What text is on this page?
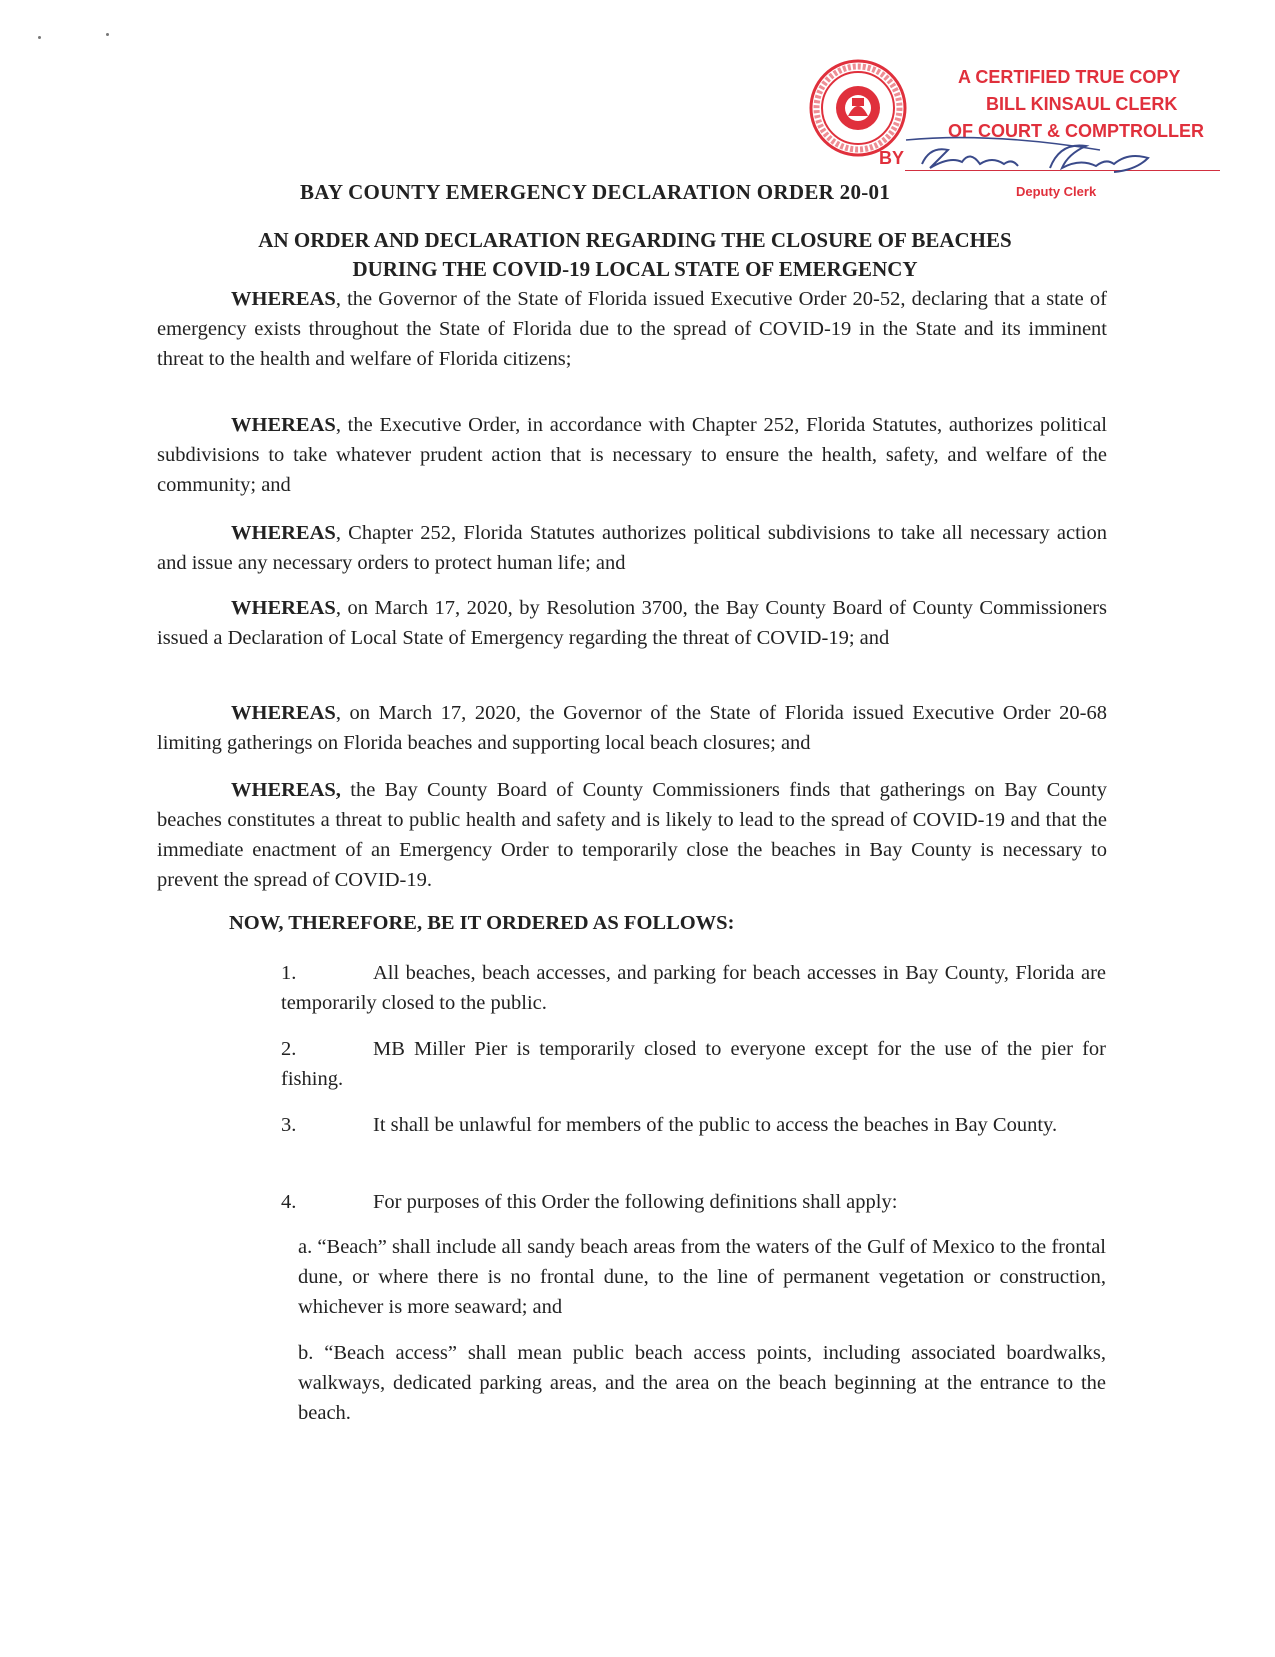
A CERTIFIED TRUE COPY
BILL KINSAUL CLERK
OF COURT & COMPTROLLER
BY
Deputy Clerk
BAY COUNTY EMERGENCY DECLARATION ORDER 20-01
AN ORDER AND DECLARATION REGARDING THE CLOSURE OF BEACHES
DURING THE COVID-19 LOCAL STATE OF EMERGENCY

WHEREAS, the Governor of the State of Florida issued Executive Order 20-52, declaring that a state of emergency exists throughout the State of Florida due to the spread of COVID-19 in the State and its imminent threat to the health and welfare of Florida citizens;

WHEREAS, the Executive Order, in accordance with Chapter 252, Florida Statutes, authorizes political subdivisions to take whatever prudent action that is necessary to ensure the health, safety, and welfare of the community; and

WHEREAS, Chapter 252, Florida Statutes authorizes political subdivisions to take all necessary action and issue any necessary orders to protect human life; and

WHEREAS, on March 17, 2020, by Resolution 3700, the Bay County Board of County Commissioners issued a Declaration of Local State of Emergency regarding the threat of COVID-19; and

WHEREAS, on March 17, 2020, the Governor of the State of Florida issued Executive Order 20-68 limiting gatherings on Florida beaches and supporting local beach closures; and

WHEREAS, the Bay County Board of County Commissioners finds that gatherings on Bay County beaches constitutes a threat to public health and safety and is likely to lead to the spread of COVID-19 and that the immediate enactment of an Emergency Order to temporarily close the beaches in Bay County is necessary to prevent the spread of COVID-19.

NOW, THEREFORE, BE IT ORDERED AS FOLLOWS:

1.	All beaches, beach accesses, and parking for beach accesses in Bay County, Florida are temporarily closed to the public.

2.	MB Miller Pier is temporarily closed to everyone except for the use of the pier for fishing.

3.	It shall be unlawful for members of the public to access the beaches in Bay County.

4.	For purposes of this Order the following definitions shall apply:

a. “Beach” shall include all sandy beach areas from the waters of the Gulf of Mexico to the frontal dune, or where there is no frontal dune, to the line of permanent vegetation or construction, whichever is more seaward; and

b. “Beach access” shall mean public beach access points, including associated boardwalks, walkways, dedicated parking areas, and the area on the beach beginning at the entrance to the beach.
